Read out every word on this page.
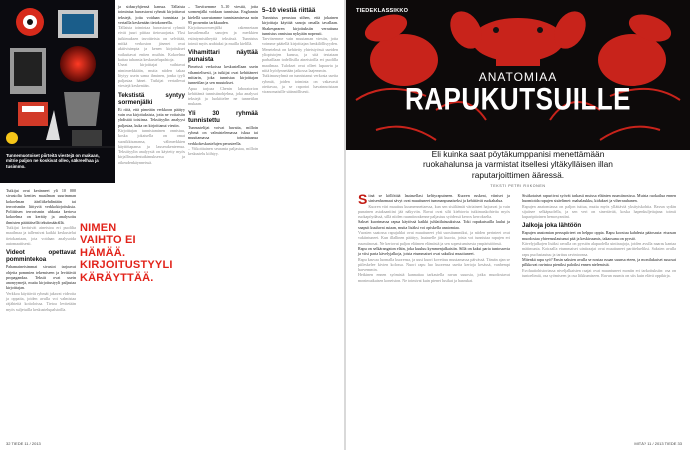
Tunnemuotoiset piirteitä viestejä on makaan, mitrie paljon ne koskivat olleo, säkreelhaa ja tusimmo.

Tutkijat ovat keränneet yli 10 000 sivustolta kenties maailman suurimman kokoelman ääriliikehdintään tai terrorismiin liittyviä verkkokirjoituksia. Poliittisen terrorismin uhkasta kertova kokoelma on kerätty ja analysoitu ihmisten päättäisellä tekstimäärällä.

Tutkijat keräsivät aineistoa eri puolilta maailmaa ja tallensivat kaikki keskustelut tietokantaan, jota voidaan analysoida automaattisesti.

Videot opettavat pommintekoa

Pahamaineisimmat sivustot tarjoavat ohjeita pommien tekemiseen ja levittävät propagandaa. Tekstit ovat usein anonyymejä, mutta kirjoitustyyli paljastaa kirjoittajan.

Verkkoa käyttävät ryhmät jakavat videoita ja oppaita, joiden avulla voi valmistaa räjähteitä kotioloissa. Tietoa levitetään myös suljetuilla keskustelupalstoilla.

ja sidusryhjiensä kanssa. Tällaista toimintaa harrastavat ryhmät kirjoittavat tekstejä, joita voidaan tunnistaa ja vertailla keskenään tietokoneella.

Tällaista toimintaa harrastavat ryhmät eivät juuri piittaa tietosuojasta. Yksi tutkimuksen tavoitteista on selvittää, mitkä verkoston jäsenet ovat aktiivisimpia ja kenen kirjoitukset vaikuttavat eniten muihin. Kokoelma kattaa tuhansia keskustelupalstoja.

Useat kirjoittajat vaihtavat nimimerkkiään, mutta niiden takaa löytyy usein sama ihminen, jonka tyyli paljastaa hänet. Tutkijat vertailevat viestejä keskenään.

Tekstistä syntyy sormenjälki

Ei riitä, että pimeään verkkoon päätyy vain osa kirjoituksista, jotta ne voitaisiin yhdistää toisiinsa. Tekstityylin analyysi paljastaa, kuka on kirjoittanut viestin.

Kirjoittajan tunnistaminen onnistuu, koska jokaisella on omat suosikkisanansa, välimerkkien käyttötapansa ja lauserakenteensa. Tekstityylin analyysiä on käytetty myös kirjallisuudentutkimuksessa ja oikeudenkäynneissä.

– Tarvitsemme 5–10 viestiä, jotta sormenjälki voidaan tunnistaa. Englannin kielellä saavutamme tunnistamisessa noin 95 prosentin tarkkuuden.

Kirjoitussormenjälki rakennetaan kuvailemalla sanojen ja merkkien esiintymistiheyttä tekstissä. Tunnistus toimii myös arabiaksi ja muilla kielillä.

Vihamittari näyttää punaista

Pimeissä verkoissa keskustellaan usein vihamielisesti, ja tutkijat ovat kehittäneet mittarin, joka tunnistaa kirjoittajan tunnetilan ja sen muutokset.

Apua tarjoaa Chenin laboratorion kehittämä tunnistinohjelma, joka analysoi tekstejä ja luokittelee ne tunnetilan mukaan.

Yli 30 ryhmää tunnistettu

Tunnustelijat voivat havaita, milloin ryhmä on valmistelemassa iskua tai muuttamassa toimintaansa verkkokeskustelujen perusteella.

– Viikoittainen seuranta paljastaa, milloin keskustelu kiihtyy.

5–10 viestiä riittää

Tunnistus perustuu siihen, että jokainen kirjoittaja käyttää sanoja omalla tavallaan. Shakespearen kirjoituksiin verrattuna tunnistus onnistuu nykyään nopeasti.

Tarvitsemme vain muutaman viestin, jotta voimme päätellä kirjoittajan henkilöllisyyden. Menetelmä on kehitetty yhteistyössä useiden yliopistojen kanssa, ja sitä testataan parhaillaan todellisilla aineistoilla eri puolilla maailmaa. Tulokset ovat olleet lupaavia ja niitä hyödynnetään jatkossa laajemmin.

Tutkimusryhmä on tunnistanut verkosta useita ryhmiä, joiden toiminta on vakavasti otettavaa, ja se raportoi havainnoistaan viranomaisille säännöllisesti.

NIMEN VAIHTO EI HÄMÄÄ. KIRJOITUSTYYLI KÄRÄYTTÄÄ.
32 TIEDE 11 / 2013
TIEDEKLASSIKKO
ANATOMIAA
RAPUKUTSUILLE
Eli kuinka saat pöytäkumppanisi menettämään ruokahalunsa ja varmistat itsellesi yltäkylläisen illan raputarjoittimen ääressä.
TEKSTI PETRI RIIKONEN

Siinä se köllöttää lautasellasi kelttyrapuineen. Kuoren ruskeat, viiniset ja sinisenharmaat sävyt ovat muuttuneet tummanpunaiseksi ja kehittävät ruokahalua.

Kuoren väri muuttuu kuumennettaessa, kun sen sisältämät väriaineet hajoavat ja vain punainen astaksantiini jää näkyviin. Ravut ovat silti kiehtovia tutkimuskohteita myös ruokapöydässä, sillä niiden ruumiinrakenne paljastuu syödessä kerros kerrokselta.

Sakset kuorimassa rapua käytössä kaikki juhlatilaisuuksissa. Toki rapukutsuilla laulut ja snapsit kuuluvat asiaan, mutta lisäksi voi opiskella anatomiaa.

Vuosien saatossa rapujuhlat ovat muuttuneet yhä suositummiksi, ja niiden perinteet ovat vakiintuneet. Kun illallinen päättyy, lautaselle jää kuoria, joista voi tunnistaa rapujen eri ruumiinosat. Ne kertovat paljon eläimen elämästä ja sen sopeutumisesta ympäristöönsä.

Rapu on selkärangaton eläin, joka kuuluu kymmenjalkaisiin. Sillä on kaksi paria tuntosarvia ja viisi paria kävelyjalkoja, joista etummaiset ovat saksiksi muuttuneet.

Rapu kasvaa luomalla kuorensa, ja uusi kuori kovettuu muutamassa päivässä. Tämän ajan se piileskelee kivien kolossa. Nuori rapu luo kuorensa useita kertoja kesässä, vanhempi harvemmin.

Hetkinen ennen syömistä kannattaa tarkastella ravun suuosia, jotka muodostavat monimutkaisen koneiston. Ne toimivat kuin pienet lusikat ja haarukat.

Sisäkotaiset rapuriivat syövät tarkasti muissa eläinten ruumiinosissa. Muista ruokailua ennen huomioida rapujen sisäelimet: mahalaukku, kidukset ja viherrauhanen.

Rapujen anatomiassa on paljon tuttua, mutta myös yllättäviä yksityiskohtia. Ravun sydän sijaitsee selkäpuolella, ja sen veri on sinertävää, koska hapenkuljettajana toimii kuparipitoinen hemosyaniini.

Jalkoja joka lähtöön

Rapujen anatomian peruspiirteet on helppo oppia. Rapu koostuu kahdesta pääosasta: etuosan muodostaa yhteensulautunut pää ja keskiruumis, takaosana on pyrstö.

Kävelyjalkojen lisäksi ravulla on pyrstön alapuolella uintiraajoja, joiden avulla naaras kantaa mätimunia. Koiraalla etummaiset uintiraajat ovat muuttuneet parittelueliksi. Saksien avulla rapu puolustautuu ja tarttuu ravintoonsa.

Mitenkä rapu syö? Ensin saksien avulla se nostaa ruuan suunsa eteen, ja monilukuiset suuosat pilkkovat ravintoa pieniksi paloiksi ennen nielemistä.

Evoluutiohistoriassa niveljalkaisten raajat ovat muuntuneet moniin eri tarkoituksiin: osa on tuntoelimiä, osa syömiseen ja osa liikkumiseen. Ravun ruumis on siis kuin elävä oppikirja.

MITÄ? 11 / 2013 TIEDE 33
